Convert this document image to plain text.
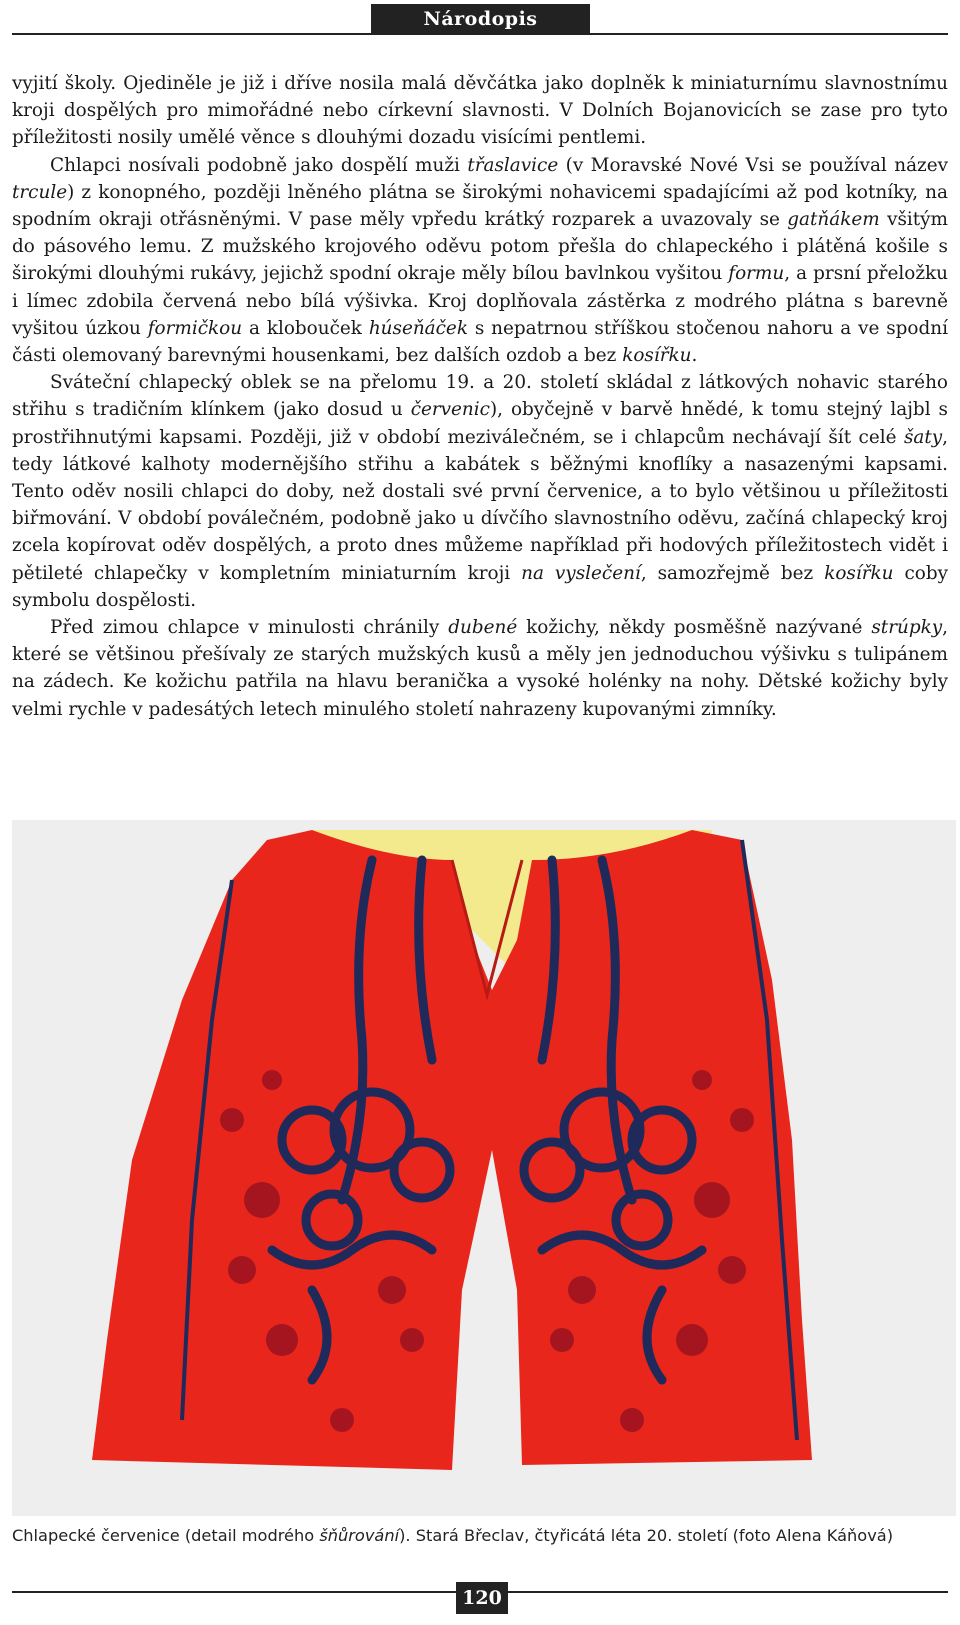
Národopis

vyjití školy. Ojediněle je již i dříve nosila malá děvčátka jako doplněk k miniaturnímu slavnostnímu kroji dospělých pro mimořádné nebo církevní slavnosti. V Dolních Bojanovicích se zase pro tyto příležitosti nosily umělé věnce s dlouhými dozadu visícími pentlemi.

Chlapci nosívali podobně jako dospělí muži třaslavice (v Moravské Nové Vsi se používal název trcule) z konopného, později lněného plátna se širokými nohavicemi spadajícími až pod kotníky, na spodním okraji otřásněnými. V pase měly vpředu krátký rozparek a uvazovaly se gatňákem všitým do pásového lemu. Z mužského krojového oděvu potom přešla do chlapeckého i plátěná košile s širokými dlouhými rukávy, jejichž spodní okraje měly bílou bavlnkou vyšitou formu, a prsní přeložku i límec zdobila červená nebo bílá výšivka. Kroj doplňovala zástěrka z modrého plátna s barevně vyšitou úzkou formičkou a klobouček húseňáček s nepatrnou stříškou stočenou nahoru a ve spodní části olemovaný barevnými housenkami, bez dalších ozdob a bez kosířku.

Sváteční chlapecký oblek se na přelomu 19. a 20. století skládal z látkových nohavic starého střihu s tradičním klínkem (jako dosud u červenic), obyčejně v barvě hnědé, k tomu stejný lajbl s prostřihnutými kapsami. Později, již v období meziválečném, se i chlapcům nechávají šít celé šaty, tedy látkové kalhoty modernějšího střihu a kabátek s běžnými knoflíky a nasazenými kapsami. Tento oděv nosili chlapci do doby, než dostali své první červenice, a to bylo většinou u příležitosti biřmování. V období poválečném, podobně jako u dívčího slavnostního oděvu, začíná chlapecký kroj zcela kopírovat oděv dospělých, a proto dnes můžeme například při hodových příležitostech vidět i pětileté chlapečky v kompletním miniaturním kroji na vyslečení, samozřejmě bez kosířku coby symbolu dospělosti.

Před zimou chlapce v minulosti chránily dubené kožichy, někdy posměšně nazývané strúpky, které se většinou přešívaly ze starých mužských kusů a měly jen jednoduchou výšivku s tulipánem na zádech. Ke kožichu patřila na hlavu beranička a vysoké holénky na nohy. Dětské kožichy byly velmi rychle v padesátých letech minulého století nahrazeny kupovanými zimníky.

Chlapecké červenice (detail modrého šňůrování). Stará Břeclav, čtyřicátá léta 20. století (foto Alena Káňová)
120
